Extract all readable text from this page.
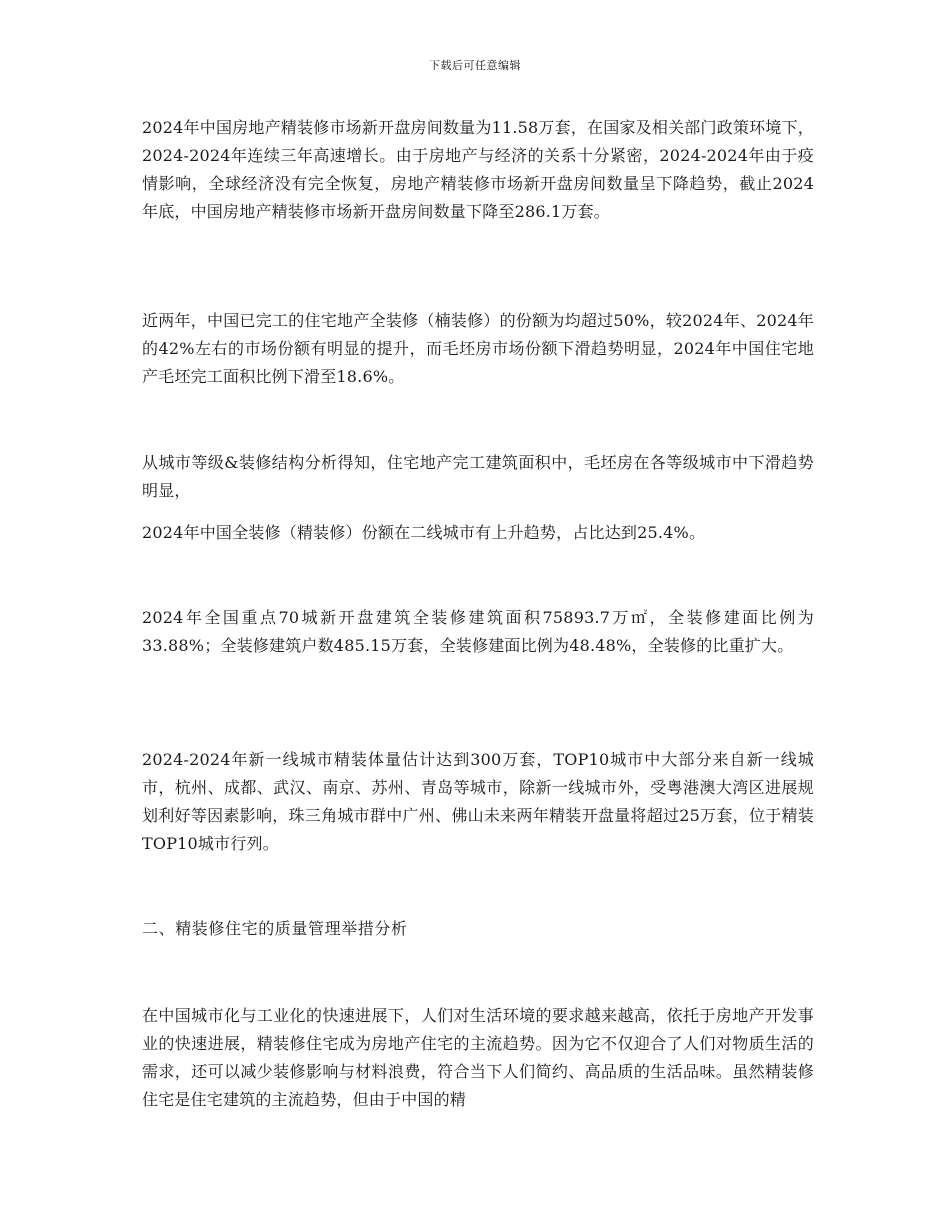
下载后可任意编辑

2024年中国房地产精装修市场新开盘房间数量为11.58万套，在国家及相关部门政策环境下，2024-2024年连续三年高速增长。由于房地产与经济的关系十分紧密，2024-2024年由于疫情影响，全球经济没有完全恢复，房地产精装修市场新开盘房间数量呈下降趋势，截止2024年底，中国房地产精装修市场新开盘房间数量下降至286.1万套。

近两年，中国已完工的住宅地产全装修（楠装修）的份额为均超过50%，较2024年、2024年的42%左右的市场份额有明显的提升，而毛坯房市场份额下滑趋势明显，2024年中国住宅地产毛坯完工面积比例下滑至18.6%。

从城市等级&装修结构分析得知，住宅地产完工建筑面积中，毛坯房在各等级城市中下滑趋势明显，

2024年中国全装修（精装修）份额在二线城市有上升趋势，占比达到25.4%。

2024年全国重点70城新开盘建筑全装修建筑面积75893.7万㎡，全装修建面比例为33.88%；全装修建筑户数485.15万套，全装修建面比例为48.48%，全装修的比重扩大。

2024-2024年新一线城市精装体量估计达到300万套，TOP10城市中大部分来自新一线城市，杭州、成都、武汉、南京、苏州、青岛等城市，除新一线城市外，受粤港澳大湾区进展规划利好等因素影响，珠三角城市群中广州、佛山未来两年精装开盘量将超过25万套，位于精装TOP10城市行列。

二、精装修住宅的质量管理举措分析

在中国城市化与工业化的快速进展下，人们对生活环境的要求越来越高，依托于房地产开发事业的快速进展，精装修住宅成为房地产住宅的主流趋势。因为它不仅迎合了人们对物质生活的需求，还可以减少装修影响与材料浪费，符合当下人们简约、高品质的生活品味。虽然精装修住宅是住宅建筑的主流趋势，但由于中国的精
